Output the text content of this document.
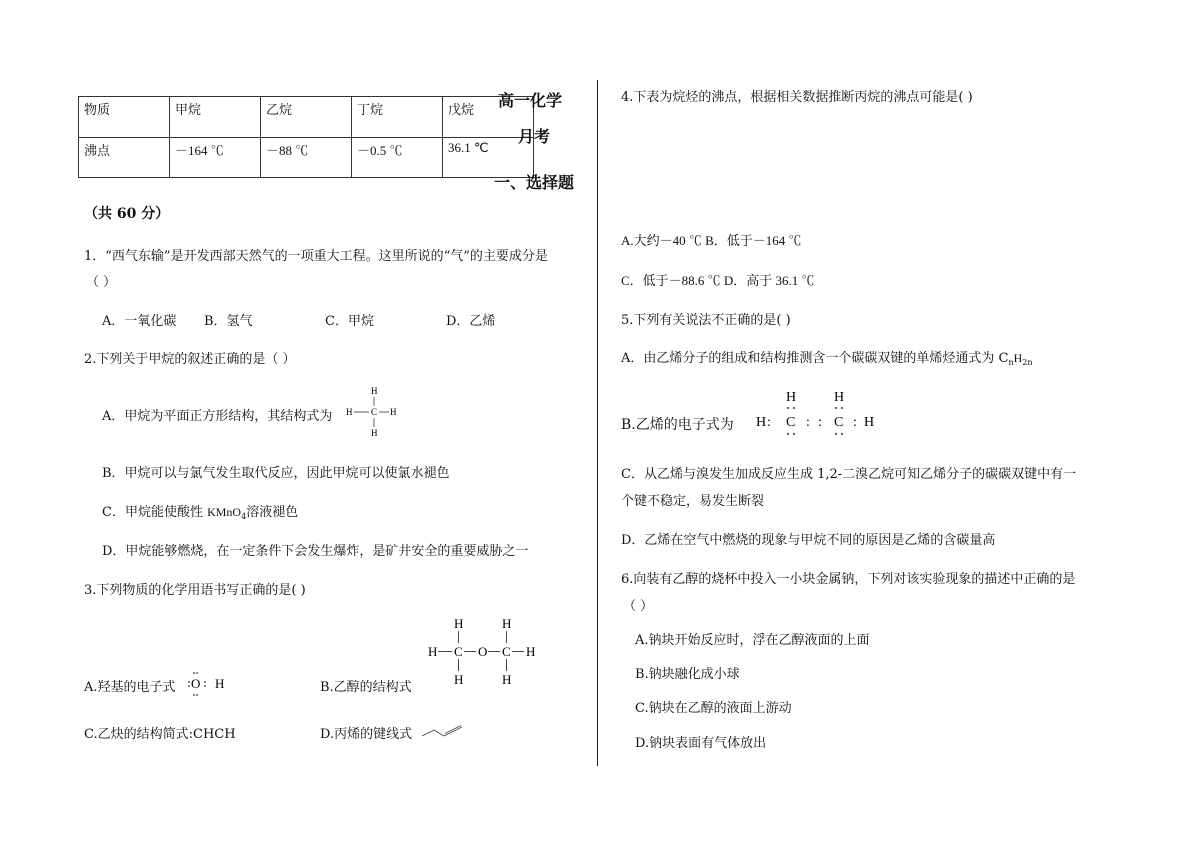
物质	甲烷	乙烷	丁烷	戊烷
沸点	－164 ℃	－88 ℃	－0.5 ℃	36.1 ℃
高一化学
月考
一、选择题
（共 60 分）
1．“西气东输”是开发西部天然气的一项重大工程。这里所说的“气”的主要成分是
（ ）
A．一氧化碳 B．氢气	C．甲烷	D．乙烯
2.下列关于甲烷的叙述正确的是（ ）
A．甲烷为平面正方形结构，其结构式为
H
H C H
H
B．甲烷可以与氯气发生取代反应，因此甲烷可以使氯水褪色
C．甲烷能使酸性 KMnO$_4$溶液褪色
D．甲烷能够燃烧，在一定条件下会发生爆炸，是矿井安全的重要威胁之一
3.下列物质的化学用语书写正确的是( )
H	H
H C O C H
H	H
A.羟基的电子式 O H	B.乙醇的结构式
C.乙炔的结构简式:CHCH	D.丙烯的键线式
4.下表为烷烃的沸点，根据相关数据推断丙烷的沸点可能是( )
A.大约－40 ℃ B．低于－164 ℃
C．低于－88.6 ℃ D．高于 36.1 ℃
5.下列有关说法不正确的是( )
A．由乙烯分子的组成和结构推测含一个碳碳双键的单烯烃通式为 $C_nH_{2n}$
B.乙烯的电子式为
H	H
H : C : : C : H
C．从乙烯与溴发生加成反应生成 1,2-二溴乙烷可知乙烯分子的碳碳双键中有一
个键不稳定，易发生断裂
D．乙烯在空气中燃烧的现象与甲烷不同的原因是乙烯的含碳量高
6.向装有乙醇的烧杯中投入一小块金属钠，下列对该实验现象的描述中正确的是
（ ）
A.钠块开始反应时，浮在乙醇液面的上面
B.钠块融化成小球
C.钠块在乙醇的液面上游动
D.钠块表面有气体放出
